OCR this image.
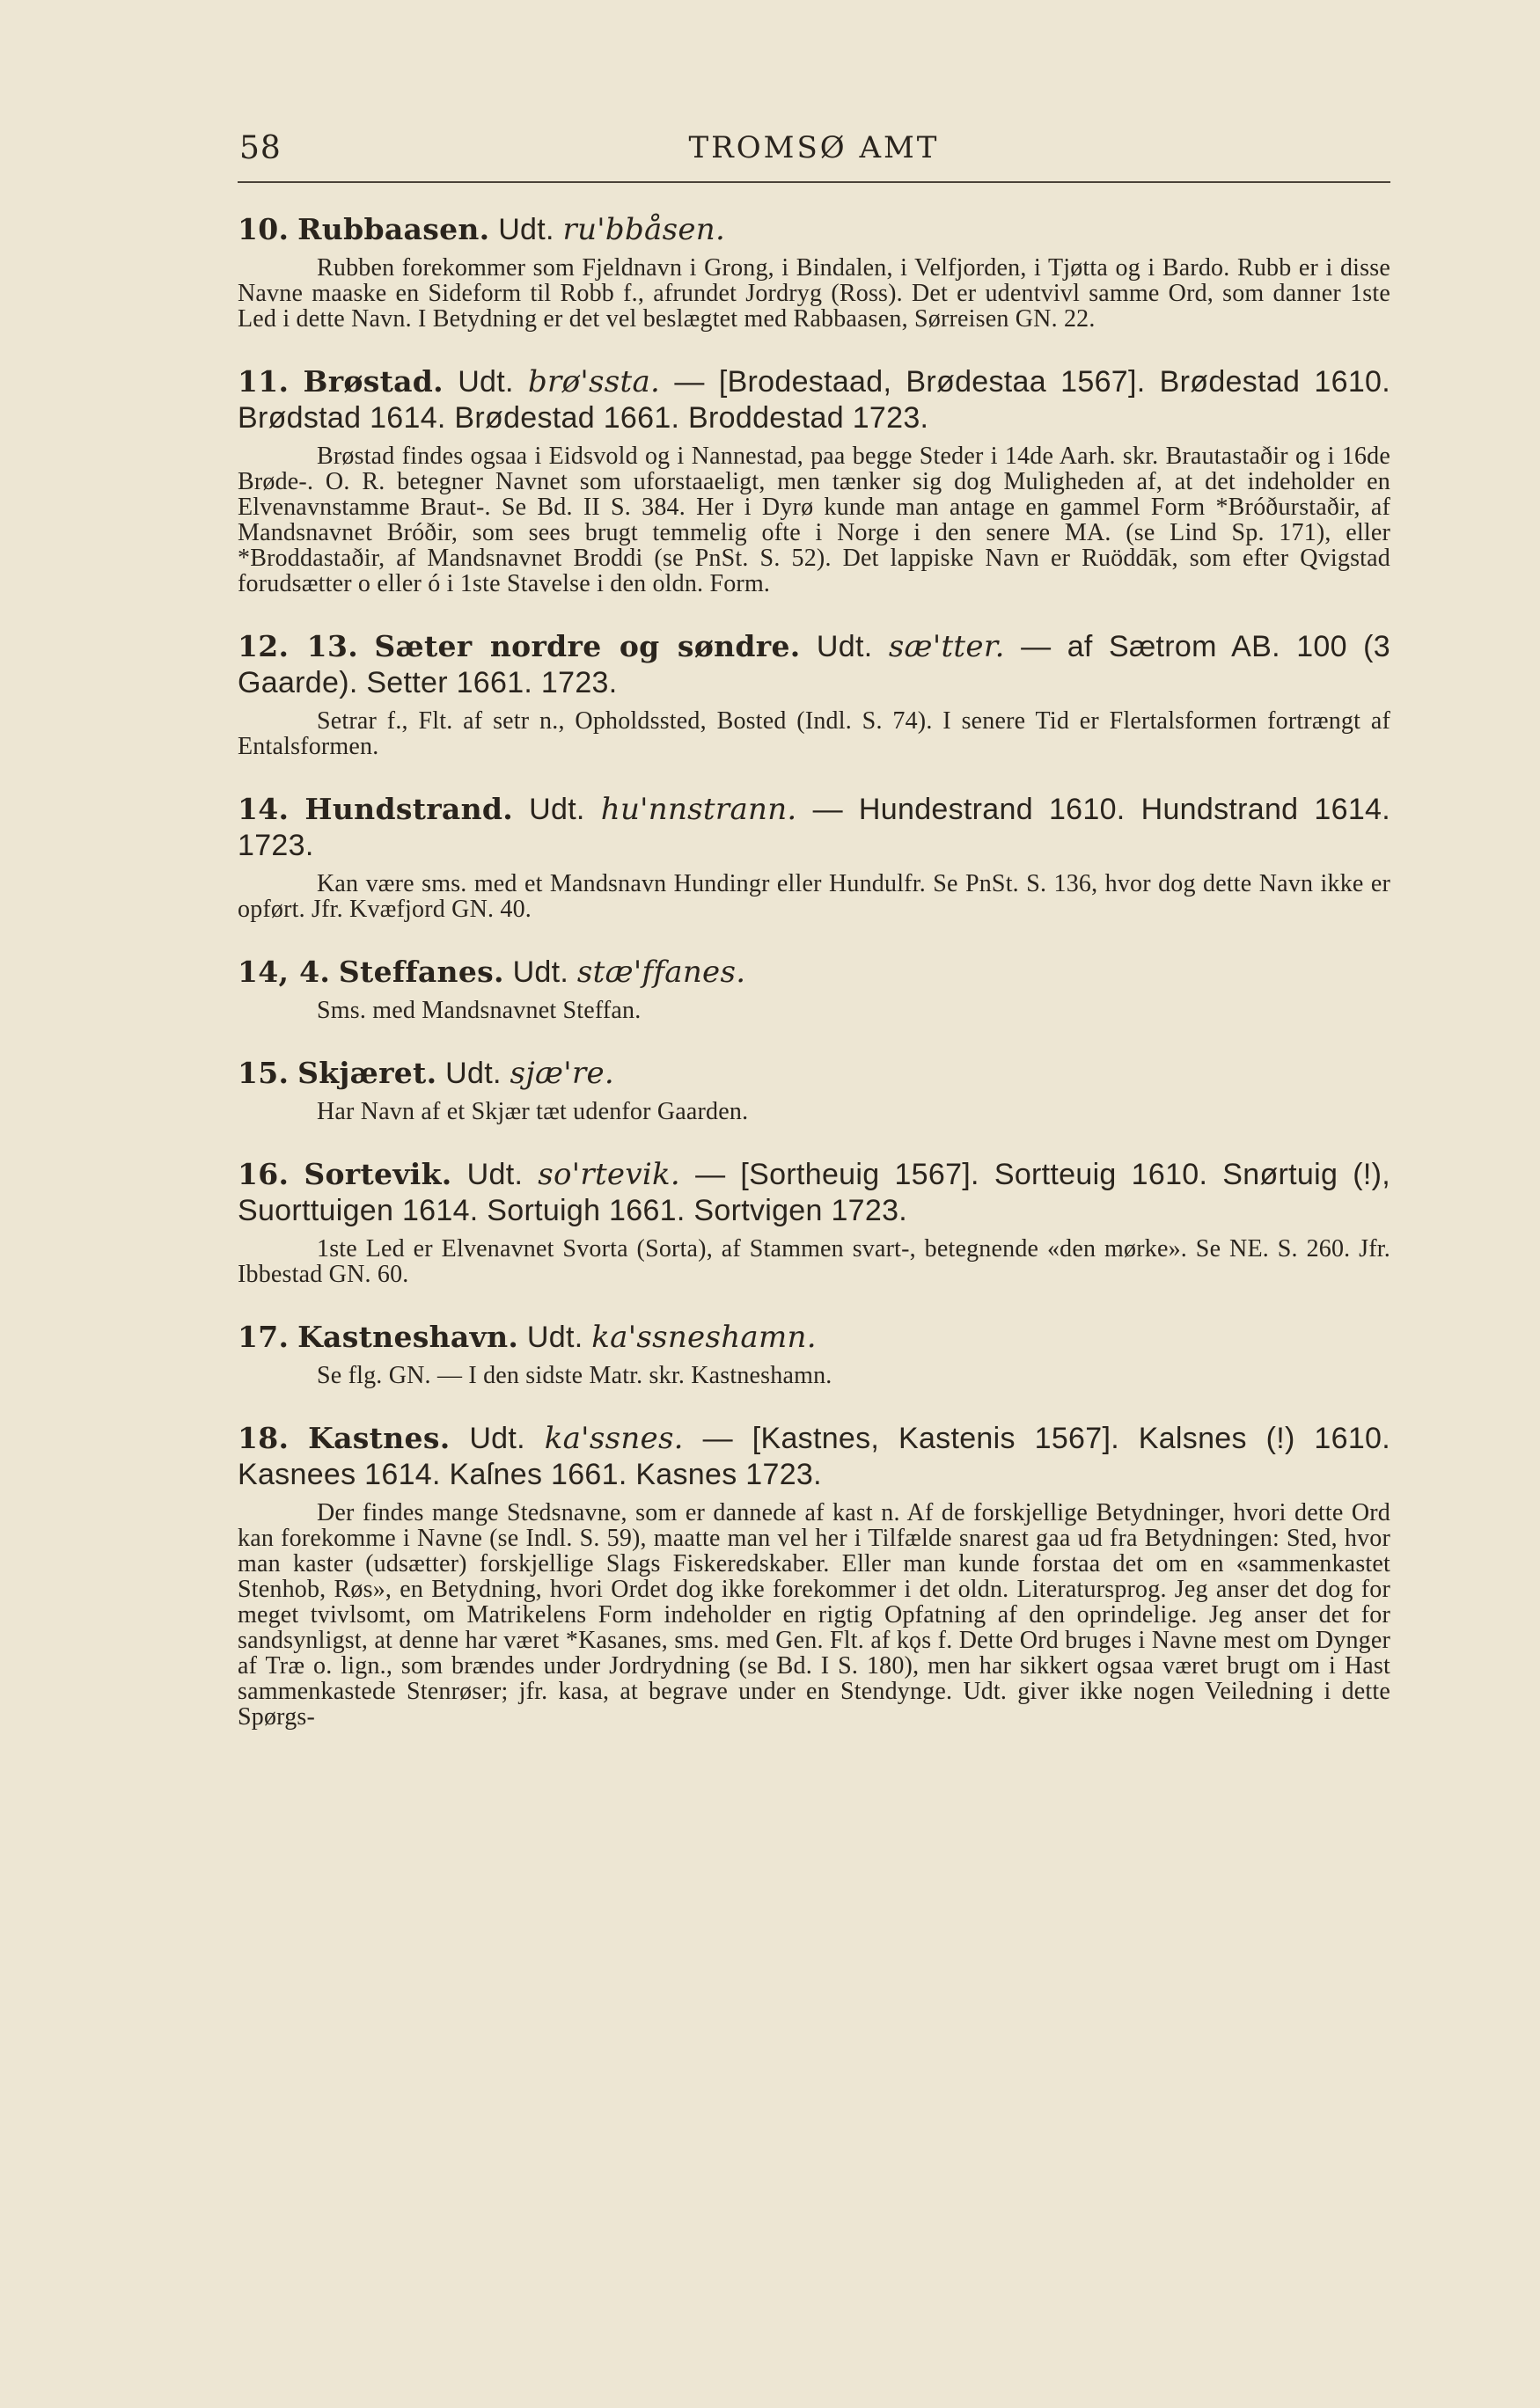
58	TROMSØ AMT
10. Rubbaasen. Udt. ru'bbåsen.

Rubben forekommer som Fjeldnavn i Grong, i Bindalen, i Velfjorden, i Tjøtta og i Bardo. Rubb er i disse Navne maaske en Sideform til Robb f., afrundet Jordryg (Ross). Det er udentvivl samme Ord, som danner 1ste Led i dette Navn. I Betydning er det vel beslægtet med Rabbaasen, Sørreisen GN. 22.

11. Brøstad. Udt. brø'ssta. — [Brodestaad, Brødestaa 1567]. Brødestad 1610. Brødstad 1614. Brødestad 1661. Broddestad 1723.

Brøstad findes ogsaa i Eidsvold og i Nannestad, paa begge Steder i 14de Aarh. skr. Brautastaðir og i 16de Brøde-. O. R. betegner Navnet som uforstaaeligt, men tænker sig dog Muligheden af, at det indeholder en Elvenavnstamme Braut-. Se Bd. II S. 384. Her i Dyrø kunde man antage en gammel Form *Bróðurstaðir, af Mandsnavnet Bróðir, som sees brugt temmelig ofte i Norge i den senere MA. (se Lind Sp. 171), eller *Broddastaðir, af Mandsnavnet Broddi (se PnSt. S. 52). Det lappiske Navn er Ruöddāk, som efter Qvigstad forudsætter o eller ó i 1ste Stavelse i den oldn. Form.

12. 13. Sæter nordre og søndre. Udt. sæ'tter. — af Sætrom AB. 100 (3 Gaarde). Setter 1661. 1723.

Setrar f., Flt. af setr n., Opholdssted, Bosted (Indl. S. 74). I senere Tid er Flertalsformen fortrængt af Entalsformen.

14. Hundstrand. Udt. hu'nnstrann. — Hundestrand 1610. Hundstrand 1614. 1723.

Kan være sms. med et Mandsnavn Hundingr eller Hundulfr. Se PnSt. S. 136, hvor dog dette Navn ikke er opført. Jfr. Kvæfjord GN. 40.

14, 4. Steffanes. Udt. stæ'ffanes.

Sms. med Mandsnavnet Steffan.

15. Skjæret. Udt. sjæ're.

Har Navn af et Skjær tæt udenfor Gaarden.

16. Sortevik. Udt. so'rtevik. — [Sortheuig 1567]. Sortteuig 1610. Snørtuig (!), Suorttuigen 1614. Sortuigh 1661. Sortvigen 1723.

1ste Led er Elvenavnet Svorta (Sorta), af Stammen svart-, betegnende «den mørke». Se NE. S. 260. Jfr. Ibbestad GN. 60.

17. Kastneshavn. Udt. ka'ssneshamn.

Se flg. GN. — I den sidste Matr. skr. Kastneshamn.

18. Kastnes. Udt. ka'ssnes. — [Kastnes, Kastenis 1567]. Kalsnes (!) 1610. Kasnees 1614. Kaſnes 1661. Kasnes 1723.

Der findes mange Stedsnavne, som er dannede af kast n. Af de forskjellige Betydninger, hvori dette Ord kan forekomme i Navne (se Indl. S. 59), maatte man vel her i Tilfælde snarest gaa ud fra Betydningen: Sted, hvor man kaster (udsætter) forskjellige Slags Fiskeredskaber. Eller man kunde forstaa det om en «sammenkastet Stenhob, Røs», en Betydning, hvori Ordet dog ikke forekommer i det oldn. Literatursprog. Jeg anser det dog for meget tvivlsomt, om Matrikelens Form indeholder en rigtig Opfatning af den oprindelige. Jeg anser det for sandsynligst, at denne har været *Kasanes, sms. med Gen. Flt. af kǫs f. Dette Ord bruges i Navne mest om Dynger af Træ o. lign., som brændes under Jordrydning (se Bd. I S. 180), men har sikkert ogsaa været brugt om i Hast sammenkastede Stenrøser; jfr. kasa, at begrave under en Stendynge. Udt. giver ikke nogen Veiledning i dette Spørgs-
